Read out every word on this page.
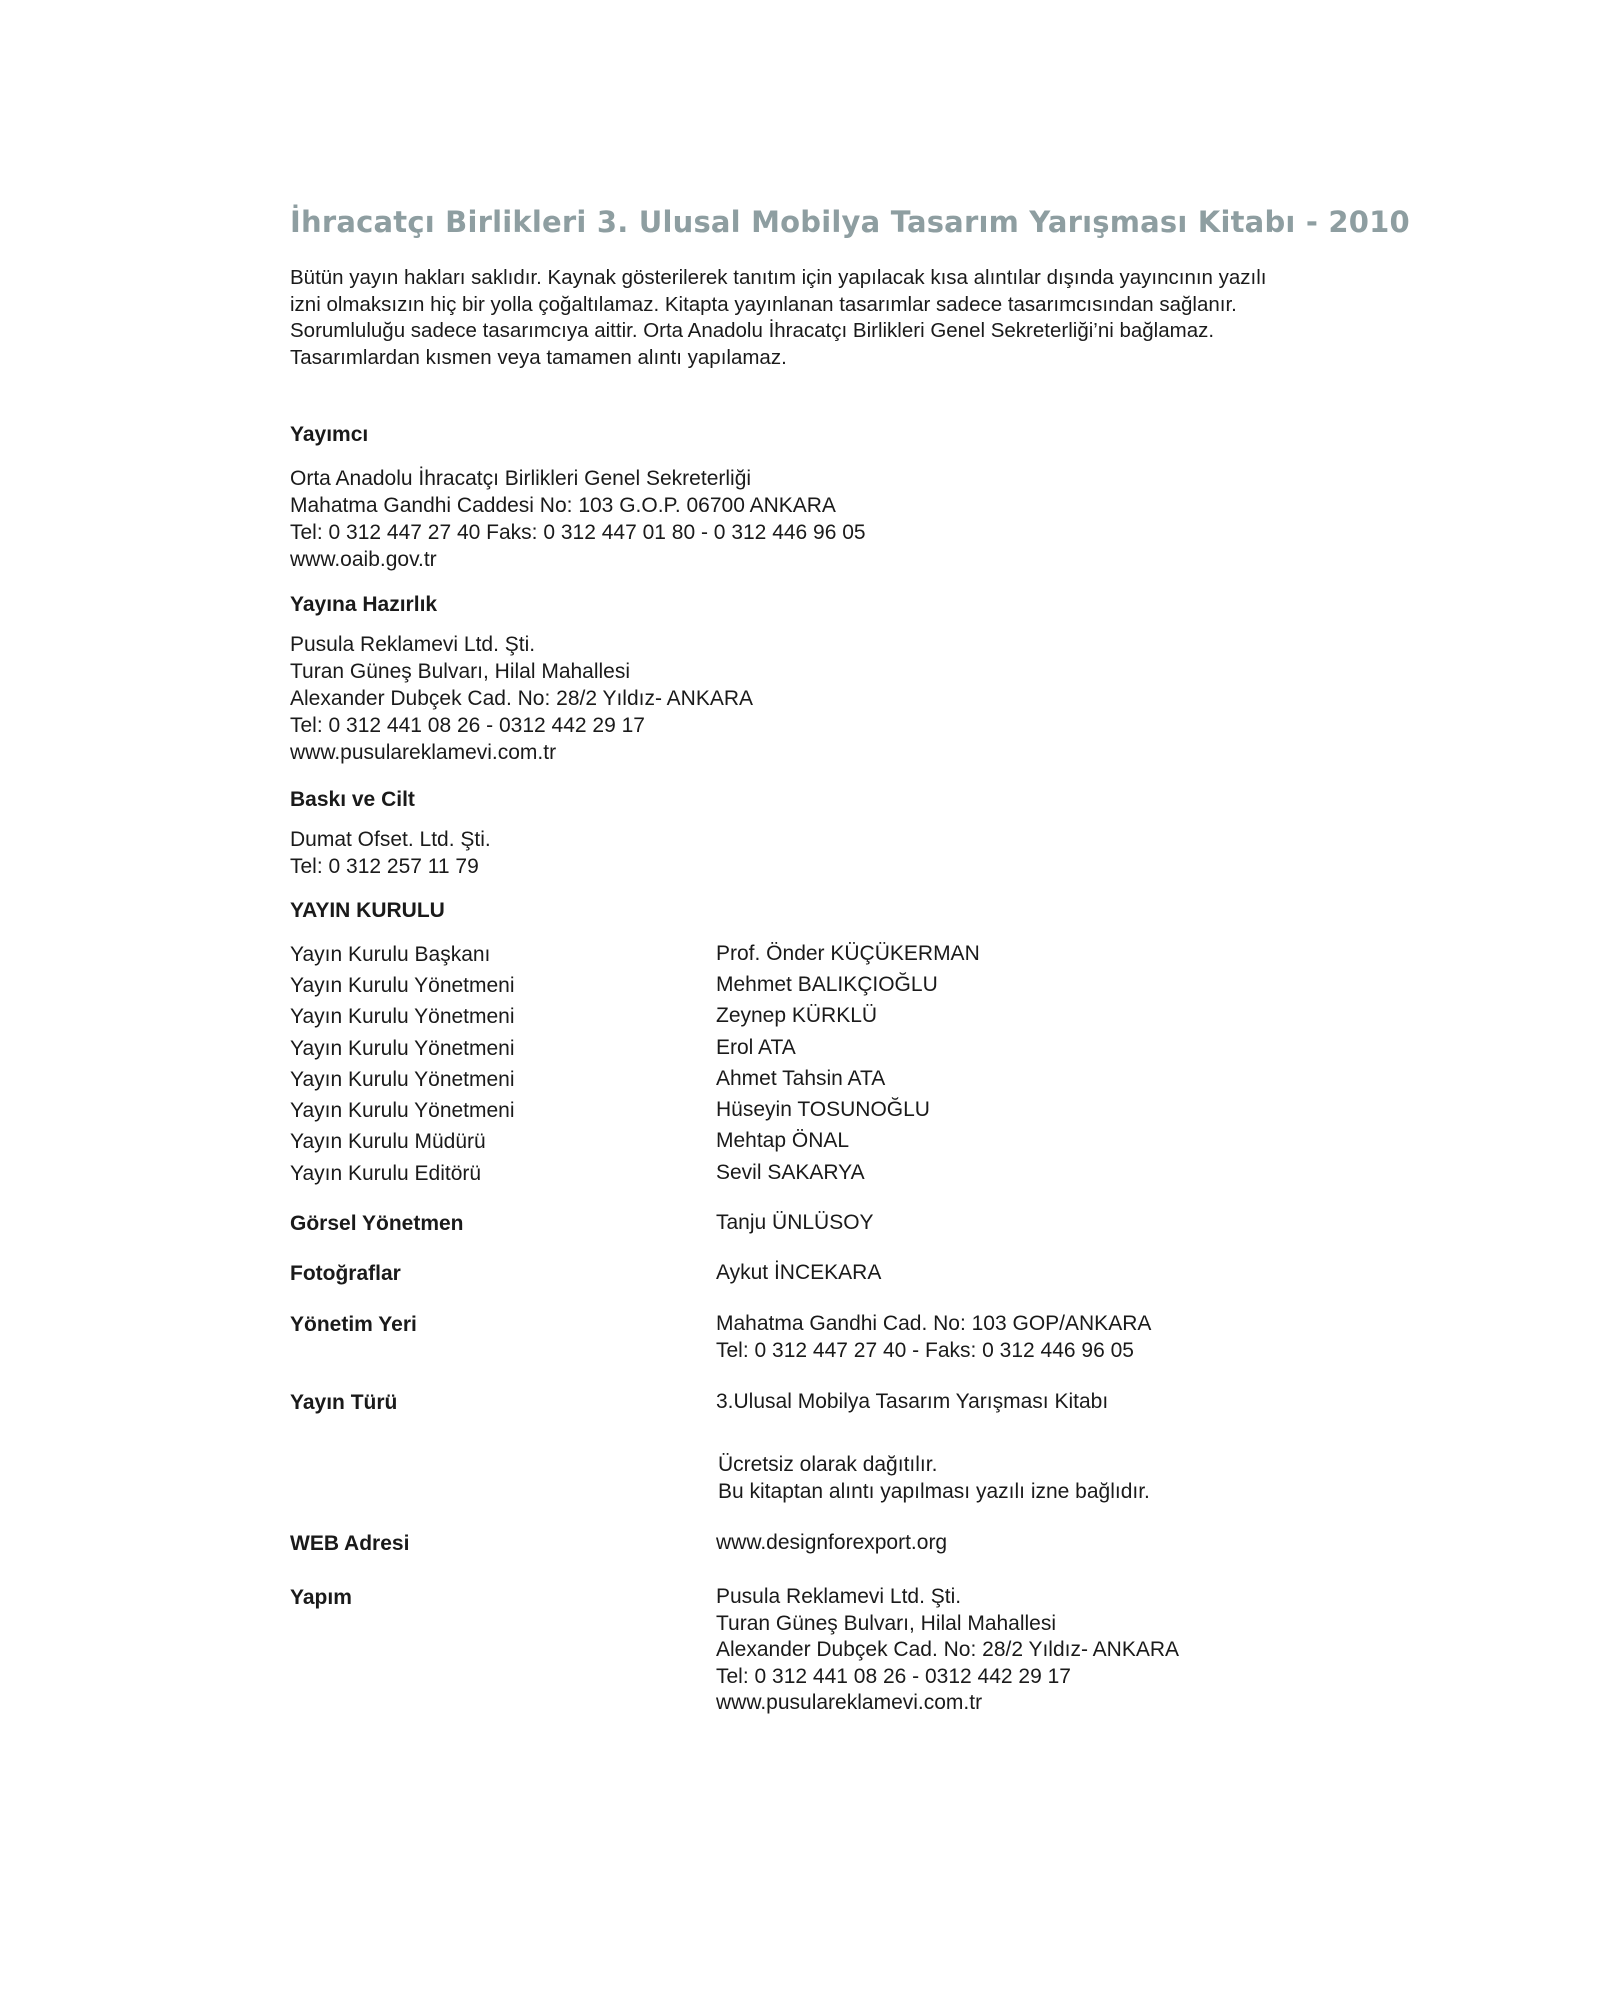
İhracatçı Birlikleri 3. Ulusal Mobilya Tasarım Yarışması Kitabı - 2010

Bütün yayın hakları saklıdır. Kaynak gösterilerek tanıtım için yapılacak kısa alıntılar dışında yayıncının yazılı
izni olmaksızın hiç bir yolla çoğaltılamaz. Kitapta yayınlanan tasarımlar sadece tasarımcısından sağlanır.
Sorumluluğu sadece tasarımcıya aittir. Orta Anadolu İhracatçı Birlikleri Genel Sekreterliği’ni bağlamaz.
Tasarımlardan kısmen veya tamamen alıntı yapılamaz.

Yayımcı
Orta Anadolu İhracatçı Birlikleri Genel Sekreterliği
Mahatma Gandhi Caddesi No: 103 G.O.P. 06700 ANKARA
Tel: 0 312 447 27 40 Faks: 0 312 447 01 80 - 0 312 446 96 05
www.oaib.gov.tr
Yayına Hazırlık
Pusula Reklamevi Ltd. Şti.
Turan Güneş Bulvarı, Hilal Mahallesi
Alexander Dubçek Cad. No: 28/2 Yıldız- ANKARA
Tel: 0 312 441 08 26 - 0312 442 29 17
www.pusulareklamevi.com.tr
Baskı ve Cilt
Dumat Ofset. Ltd. Şti.
Tel: 0 312 257 11 79
YAYIN KURULU
Yayın Kurulu Başkanı	Prof. Önder KÜÇÜKERMAN
Yayın Kurulu Yönetmeni	Mehmet BALIKÇIOĞLU
Yayın Kurulu Yönetmeni	Zeynep KÜRKLÜ
Yayın Kurulu Yönetmeni	Erol ATA
Yayın Kurulu Yönetmeni	Ahmet Tahsin ATA
Yayın Kurulu Yönetmeni	Hüseyin TOSUNOĞLU
Yayın Kurulu Müdürü	Mehtap ÖNAL
Yayın Kurulu Editörü	Sevil SAKARYA
Görsel Yönetmen	Tanju ÜNLÜSOY
Fotoğraflar	Aykut İNCEKARA
Yönetim Yeri	Mahatma Gandhi Cad. No: 103 GOP/ANKARA
Tel: 0 312 447 27 40 - Faks: 0 312 446 96 05
Yayın Türü	3.Ulusal Mobilya Tasarım Yarışması Kitabı
Ücretsiz olarak dağıtılır.
Bu kitaptan alıntı yapılması yazılı izne bağlıdır.
WEB Adresi	www.designforexport.org
Yapım	Pusula Reklamevi Ltd. Şti.
Turan Güneş Bulvarı, Hilal Mahallesi
Alexander Dubçek Cad. No: 28/2 Yıldız- ANKARA
Tel: 0 312 441 08 26 - 0312 442 29 17
www.pusulareklamevi.com.tr
